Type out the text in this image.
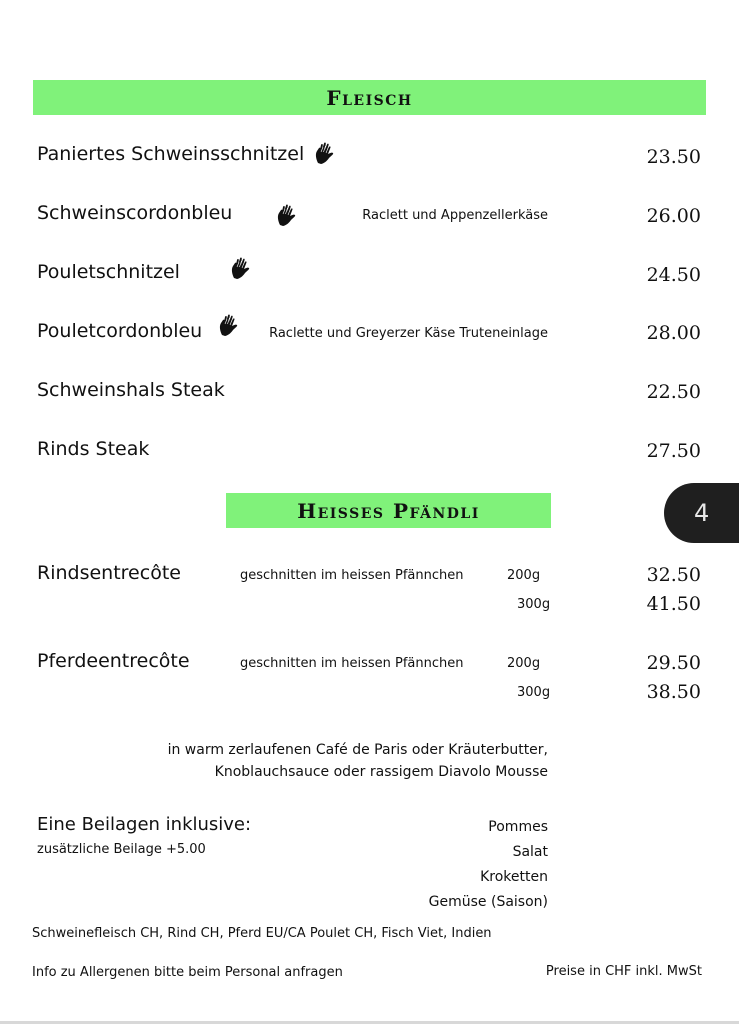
Fleisch
Paniertes Schweinsschnitzel	23.50
Schweinscordonbleu	Raclett und Appenzellerkäse	26.00
Pouletschnitzel	24.50
Pouletcordonbleu	Raclette und Greyerzer Käse Truteneinlage	28.00
Schweinshals Steak	22.50
Rinds Steak	27.50
Heisses Pfändli	4
Rindsentrecôte	geschnitten im heissen Pfännchen	200g	32.50
300g	41.50
Pferdeentrecôte	geschnitten im heissen Pfännchen	200g	29.50
300g	38.50
in warm zerlaufenen Café de Paris oder Kräuterbutter,
Knoblauchsauce oder rassigem Diavolo Mousse
Eine Beilagen inklusive:
zusätzliche Beilage +5.00
Pommes
Salat
Kroketten
Gemüse (Saison)
Schweinefleisch CH, Rind CH, Pferd EU/CA Poulet CH, Fisch Viet, Indien
Info zu Allergenen bitte beim Personal anfragen	Preise in CHF inkl. MwSt
